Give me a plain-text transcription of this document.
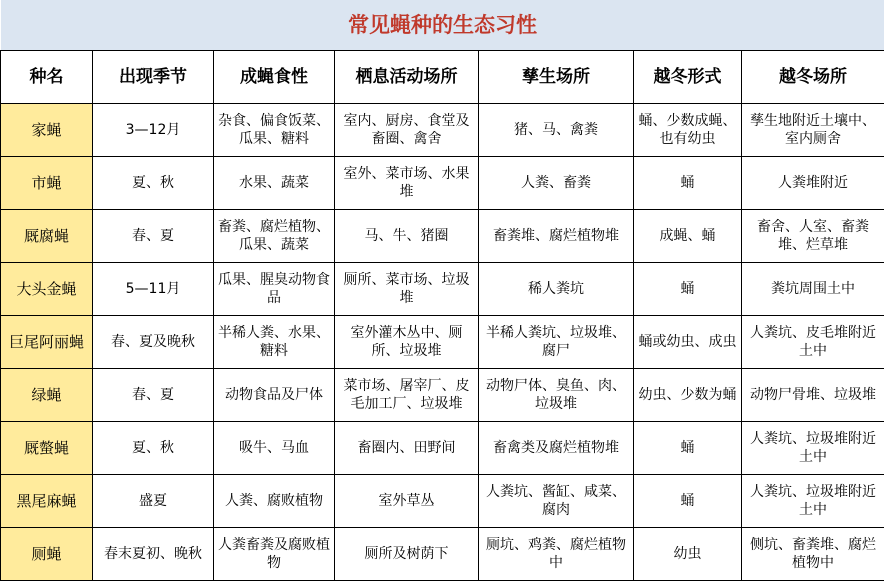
常见蝇种的生态习性						
种名	出现季节	成蝇食性	栖息活动场所	孳生场所	越冬形式	越冬场所
家蝇	3—12月	杂食、偏食饭菜、瓜果、糖料	室内、厨房、食堂及畜圈、禽舍	猪、马、禽粪	蛹、少数成蝇、也有幼虫	孳生地附近土壤中、室内厕舍
市蝇	夏、秋	水果、蔬菜	室外、菜市场、水果堆	人粪、畜粪	蛹	人粪堆附近
厩腐蝇	春、夏	畜粪、腐烂植物、瓜果、蔬菜	马、牛、猪圈	畜粪堆、腐烂植物堆	成蝇、蛹	畜舍、人室、畜粪堆、烂草堆
大头金蝇	5—11月	瓜果、腥臭动物食品	厕所、菜市场、垃圾堆	稀人粪坑	蛹	粪坑周围土中
巨尾阿丽蝇	春、夏及晚秋	半稀人粪、水果、糖料	室外灌木丛中、厕所、垃圾堆	半稀人粪坑、垃圾堆、腐尸	蛹或幼虫、成虫	人粪坑、皮毛堆附近土中
绿蝇	春、夏	动物食品及尸体	菜市场、屠宰厂、皮毛加工厂、垃圾堆	动物尸体、臭鱼、肉、垃圾堆	幼虫、少数为蛹	动物尸骨堆、垃圾堆
厩螫蝇	夏、秋	吸牛、马血	畜圈内、田野间	畜禽类及腐烂植物堆	蛹	人粪坑、垃圾堆附近土中
黑尾麻蝇	盛夏	人粪、腐败植物	室外草丛	人粪坑、酱缸、咸菜、腐肉	蛹	人粪坑、垃圾堆附近土中
厕蝇	春末夏初、晚秋	人粪畜粪及腐败植物	厕所及树荫下	厕坑、鸡粪、腐烂植物中	幼虫	侧坑、畜粪堆、腐烂植物中
